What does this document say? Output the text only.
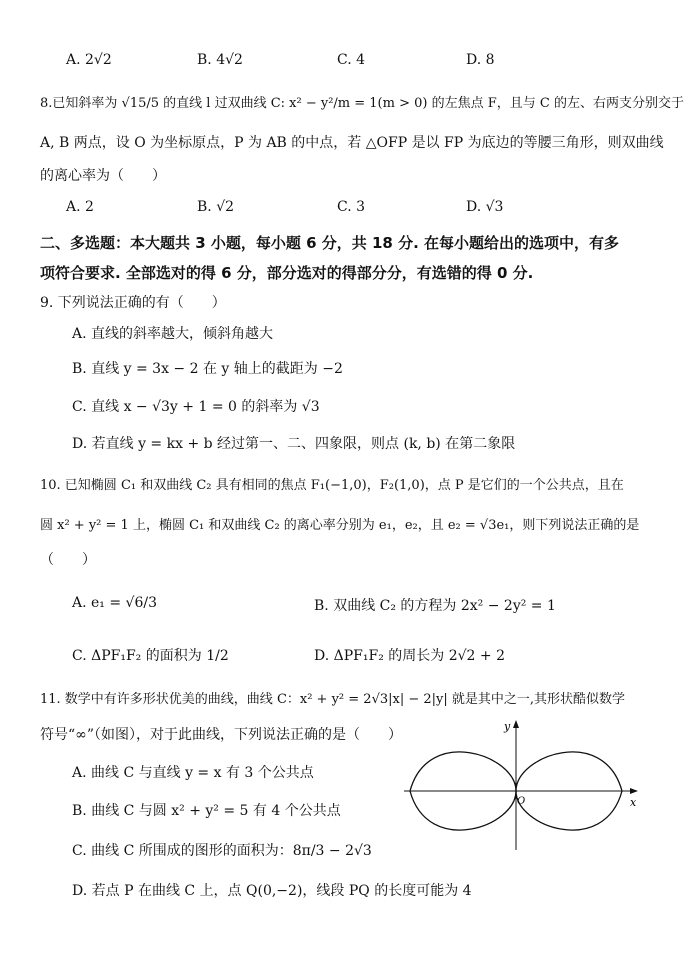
A. 2√2	B. 4√2	C. 4	D. 8
8.已知斜率为 √15/5 的直线 l 过双曲线 C: x² − y²/m = 1(m > 0) 的左焦点 F，且与 C 的左、右两支分别交于
A, B 两点，设 O 为坐标原点，P 为 AB 的中点，若 △OFP 是以 FP 为底边的等腰三角形，则双曲线
的离心率为（　　）
A. 2	B. √2	C. 3	D. √3
二、多选题：本大题共 3 小题，每小题 6 分，共 18 分. 在每小题给出的选项中，有多
项符合要求. 全部选对的得 6 分，部分选对的得部分分，有选错的得 0 分.
9. 下列说法正确的有（　　）
A. 直线的斜率越大，倾斜角越大
B. 直线 y = 3x − 2 在 y 轴上的截距为 −2
C. 直线 x − √3y + 1 = 0 的斜率为 √3
D. 若直线 y = kx + b 经过第一、二、四象限，则点 (k, b) 在第二象限
10. 已知椭圆 C₁ 和双曲线 C₂ 具有相同的焦点 F₁(−1,0)，F₂(1,0)，点 P 是它们的一个公共点，且在
圆 x² + y² = 1 上，椭圆 C₁ 和双曲线 C₂ 的离心率分别为 e₁，e₂，且 e₂ = √3e₁，则下列说法正确的是
（　　）
A. e₁ = √6/3	B. 双曲线 C₂ 的方程为 2x² − 2y² = 1
C. ΔPF₁F₂ 的面积为 1/2	D. ΔPF₁F₂ 的周长为 2√2 + 2
11. 数学中有许多形状优美的曲线，曲线 C：x² + y² = 2√3|x| − 2|y| 就是其中之一,其形状酷似数学
符号“∞”（如图），对于此曲线，下列说法正确的是（　　）
A. 曲线 C 与直线 y = x 有 3 个公共点
B. 曲线 C 与圆 x² + y² = 5 有 4 个公共点
C. 曲线 C 所围成的图形的面积为：8π/3 − 2√3
D. 若点 P 在曲线 C 上，点 Q(0,−2)，线段 PQ 的长度可能为 4
y
x
O
